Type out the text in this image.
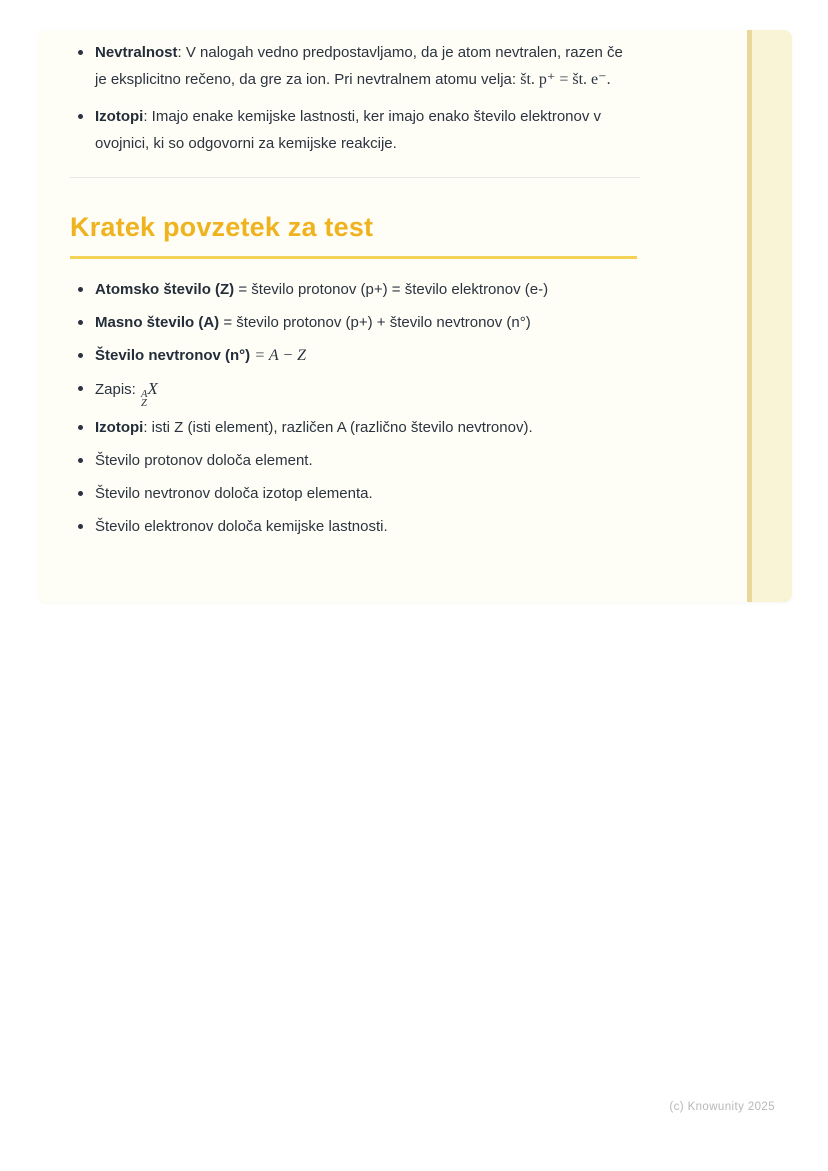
Nevtralnost: V nalogah vedno predpostavljamo, da je atom nevtralen, razen če je eksplicitno rečeno, da gre za ion. Pri nevtralnem atomu velja: št. p⁺ = št. e⁻.
Izotopi: Imajo enake kemijske lastnosti, ker imajo enako število elektronov v ovojnici, ki so odgovorni za kemijske reakcije.
Kratek povzetek za test
Atomsko število (Z) = število protonov (p+) = število elektronov (e-)
Masno število (A) = število protonov (p+) + število nevtronov (n°)
Število nevtronov (n°) = A − Z
Zapis: A
Z
X
Izotopi: isti Z (isti element), različen A (različno število nevtronov).
Število protonov določa element.
Število nevtronov določa izotop elementa.
Število elektronov določa kemijske lastnosti.
(c) Knowunity 2025
